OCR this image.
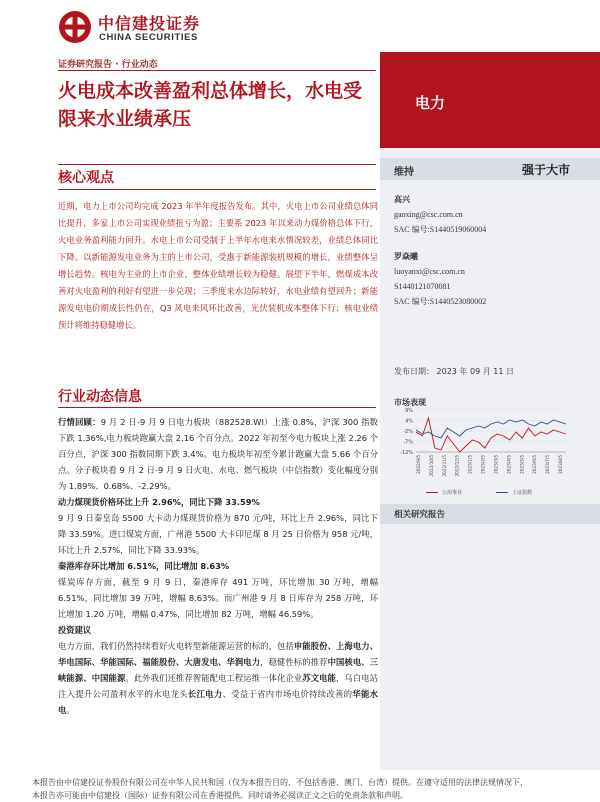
中信建投证券
CHINA SECURITIES
证券研究报告 · 行业动态
火电成本改善盈利总体增长，水电受限来水业绩承压
电力
核心观点
近期，电力上市公司均完成 2023 年半年度报告发布。其中，火电上市公司业绩总体同比提升，多家上市公司实现业绩扭亏为盈；主要系 2023 年以来动力煤价格总体下行，火电业务盈利能力回升。水电上市公司受制于上半年水电来水情况较差，业绩总体同比下降。以新能源发电业务为主的上市公司，受惠于新能源装机规模的增长，业绩整体呈增长趋势。核电为主业的上市企业，整体业绩增长较为稳健。展望下半年，燃煤成本改善对火电盈利的利好有望进一步兑现；三季度来水边际转好，水电业绩有望回升；新能源发电电价期成长性仍在，Q3 风电来风环比改善，光伏装机成本整体下行；核电业绩预计将维持稳健增长。
行业动态信息

行情回顾：9 月 2 日-9 月 9 日电力板块（882528.WI）上涨 0.8%，沪深 300 指数下跌 1.36%,电力板块跑赢大盘 2.16 个百分点。2022 年初至今电力板块上涨 2.26 个百分点，沪深 300 指数同期下跌 3.4%。电力板块年初至今累计跑赢大盘 5.66 个百分点。分子板块看 9 月 2 日-9 月 9 日火电、水电、燃气板块（中信指数）变化幅度分别为 1.89%、0.68%、-2.29%。

动力煤现货价格环比上升 2.96%，同比下降 33.59%

9 月 9 日秦皇岛 5500 大卡动力煤现货价格为 870 元/吨，环比上升 2.96%，同比下降 33.59%。进口煤炭方面，广州港 5500 大卡印尼煤 8 月 25 日价格为 958 元/吨，环比上升 2.57%，同比下降 33.93%。

秦港库存环比增加 6.51%，同比增加 8.63%

煤炭库存方面，截至 9 月 9 日，秦港库存 491 万吨，环比增加 30 万吨，增幅 6.51%，同比增加 39 万吨，增幅 8.63%。而广州港 9 月 8 日库存为 258 万吨，环比增加 1.20 万吨，增幅 0.47%，同比增加 82 万吨，增幅 46.59%。

投资建议

电力方面，我们仍然持续看好火电转型新能源运营的标的，包括申能股份、上海电力、华电国际、华能国际、福能股份、大唐发电、华润电力，稳健性标的推荐中国核电、三峡能源、中国能源。此外我们还推荐智能配电工程运维一体化企业苏文电能，乌白电站注入提升公司盈利水平的水电龙头长江电力、受益于省内市场电价持续改善的华能水电。

维持	强于大市
高兴
gaoxing@csc.com.cn
SAC 编号:S1440519060004
罗焱曦
luoyanxi@csc.com.cn
S1440121070081
SAC 编号:S1440523080002
发布日期： 2023 年 09 月 11 日
市场表现
9%
4%
-2%
-7%
-12%
2022/9/5 2022/10/5 2022/11/5 2022/12/5 2023/1/5 2023/2/5 2023/3/5 2023/4/5 2023/5/5 2023/6/5 2023/7/5 2023/8/5
公用事业	上证指数
相关研究报告
本报告由中信建投证券股份有限公司在中华人民共和国（仅为本报告目的，不包括香港、澳门、台湾）提供。在遵守适用的法律法规情况下，
本报告亦可能由中信建投（国际）证券有限公司在香港提供。同时请务必阅读正文之后的免责条款和声明。
